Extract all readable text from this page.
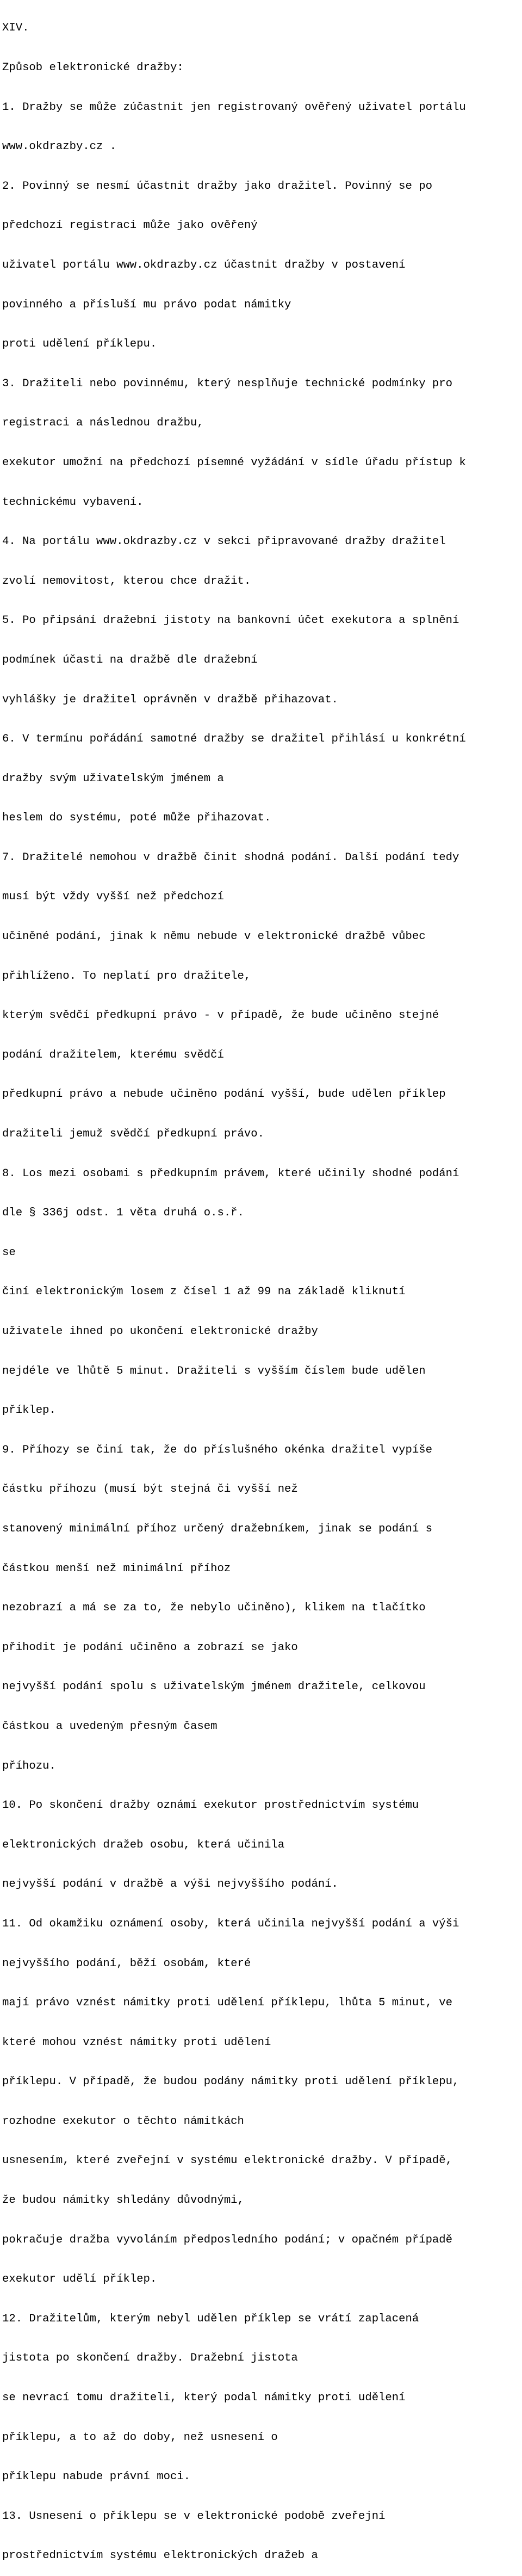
XIV.

Způsob elektronické dražby:

1. Dražby se může zúčastnit jen registrovaný ověřený uživatel portálu

www.okdrazby.cz .

2. Povinný se nesmí účastnit dražby jako dražitel. Povinný se po

předchozí registraci může jako ověřený

uživatel portálu www.okdrazby.cz účastnit dražby v postavení

povinného a přísluší mu právo podat námitky

proti udělení příklepu.

3. Dražiteli nebo povinnému, který nesplňuje technické podmínky pro

registraci a následnou dražbu,

exekutor umožní na předchozí písemné vyžádání v sídle úřadu přístup k

technickému vybavení.

4. Na portálu www.okdrazby.cz v sekci připravované dražby dražitel

zvolí nemovitost, kterou chce dražit.

5. Po připsání dražební jistoty na bankovní účet exekutora a splnění

podmínek účasti na dražbě dle dražební

vyhlášky je dražitel oprávněn v dražbě přihazovat.

6. V termínu pořádání samotné dražby se dražitel přihlásí u konkrétní

dražby svým uživatelským jménem a

heslem do systému, poté může přihazovat.

7. Dražitelé nemohou v dražbě činit shodná podání. Další podání tedy

musí být vždy vyšší než předchozí

učiněné podání, jinak k němu nebude v elektronické dražbě vůbec

přihlíženo. To neplatí pro dražitele,

kterým svědčí předkupní právo - v případě, že bude učiněno stejné

podání dražitelem, kterému svědčí

předkupní právo a nebude učiněno podání vyšší, bude udělen příklep

dražiteli jemuž svědčí předkupní právo.

8. Los mezi osobami s předkupním právem, které učinily shodné podání

dle § 336j odst. 1 věta druhá o.s.ř.

se

činí elektronickým losem z čísel 1 až 99 na základě kliknutí

uživatele ihned po ukončení elektronické dražby

nejdéle ve lhůtě 5 minut. Dražiteli s vyšším číslem bude udělen

příklep.

9. Příhozy se činí tak, že do příslušného okénka dražitel vypíše

částku příhozu (musí být stejná či vyšší než

stanovený minimální příhoz určený dražebníkem, jinak se podání s

částkou menší než minimální příhoz

nezobrazí a má se za to, že nebylo učiněno), klikem na tlačítko

přihodit je podání učiněno a zobrazí se jako

nejvyšší podání spolu s uživatelským jménem dražitele, celkovou

částkou a uvedeným přesným časem

příhozu.

10. Po skončení dražby oznámí exekutor prostřednictvím systému

elektronických dražeb osobu, která učinila

nejvyšší podání v dražbě a výši nejvyššího podání.

11. Od okamžiku oznámení osoby, která učinila nejvyšší podání a výši

nejvyššího podání, běží osobám, které

mají právo vznést námitky proti udělení příklepu, lhůta 5 minut, ve

které mohou vznést námitky proti udělení

příklepu. V případě, že budou podány námitky proti udělení příklepu,

rozhodne exekutor o těchto námitkách

usnesením, které zveřejní v systému elektronické dražby. V případě,

že budou námitky shledány důvodnými,

pokračuje dražba vyvoláním předposledního podání; v opačném případě

exekutor udělí příklep.

12. Dražitelům, kterým nebyl udělen příklep se vrátí zaplacená

jistota po skončení dražby. Dražební jistota

se nevrací tomu dražiteli, který podal námitky proti udělení

příklepu, a to až do doby, než usnesení o

příklepu nabude právní moci.

13. Usnesení o příklepu se v elektronické podobě zveřejní

prostřednictvím systému elektronických dražeb a
